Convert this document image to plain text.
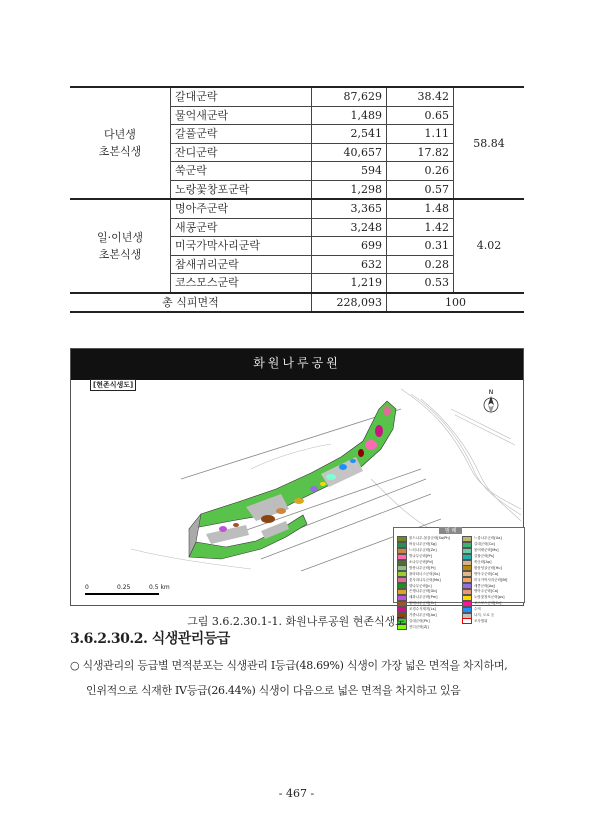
다년생
초본식생	갈대군락	87,629	38.42	58.84
	물억새군락	1,489	0.65	
	갈풀군락	2,541	1.11	
	잔디군락	40,657	17.82	
	쑥군락	594	0.26	
	노랑꽃창포군락	1,298	0.57	

일·이년생
초본식생	명아주군락	3,365	1.48	4.02
	새콩군락	3,248	1.42	
	미국가막사리군락	699	0.31	
	참새귀리군락	632	0.28	
	코스모스군락	1,219	0.53	
총 식피면적		228,093	100	
화원나루공원
[현존식생도]
N
범 례
물드나무-물골군락[Sa/Ph]
버들나무군락[Sg]
느티나무군락[Ze]
벚나무군락[Pr]
소나무군락[Pd]
방풍나무군락[Pr]
플라타너스군락[So]
꽃사과나무군락[Ma]
향나무군락[Jc]
은행나무군락[Gb]
매화나무군락[Pm]
팥배나무군락[Cr]
조경수식재지[Ls]
가중나무군락[Aa]
갈대군락[Ph]
잔디군락[Zj]
느릅나무군락[Ua]
갈대군락[Co]
물억새군락[Ms]
갈풀군락[Ps]
쑥군락[Ap]
환삼덩굴군락[Hu]
명아주군락[Ca]
미국가막사리군락[Bf]
새콩군락[Aq]
명아주군락[Ca]
노랑꽃창포군락[ps]
코스모스군락[Cc]
수역
나지, 도로 등
조사범위
0	0.25	0.5 km
그림 3.6.2.30.1-1. 화원나루공원 현존식생도
3.6.2.30.2. 식생관리등급
○ 식생관리의 등급별 면적분포는 식생관리 I등급(48.69%) 식생이 가장 넓은 면적을 차지하며,
인위적으로 식재한 IV등급(26.44%) 식생이 다음으로 넓은 면적을 차지하고 있음
- 467 -
